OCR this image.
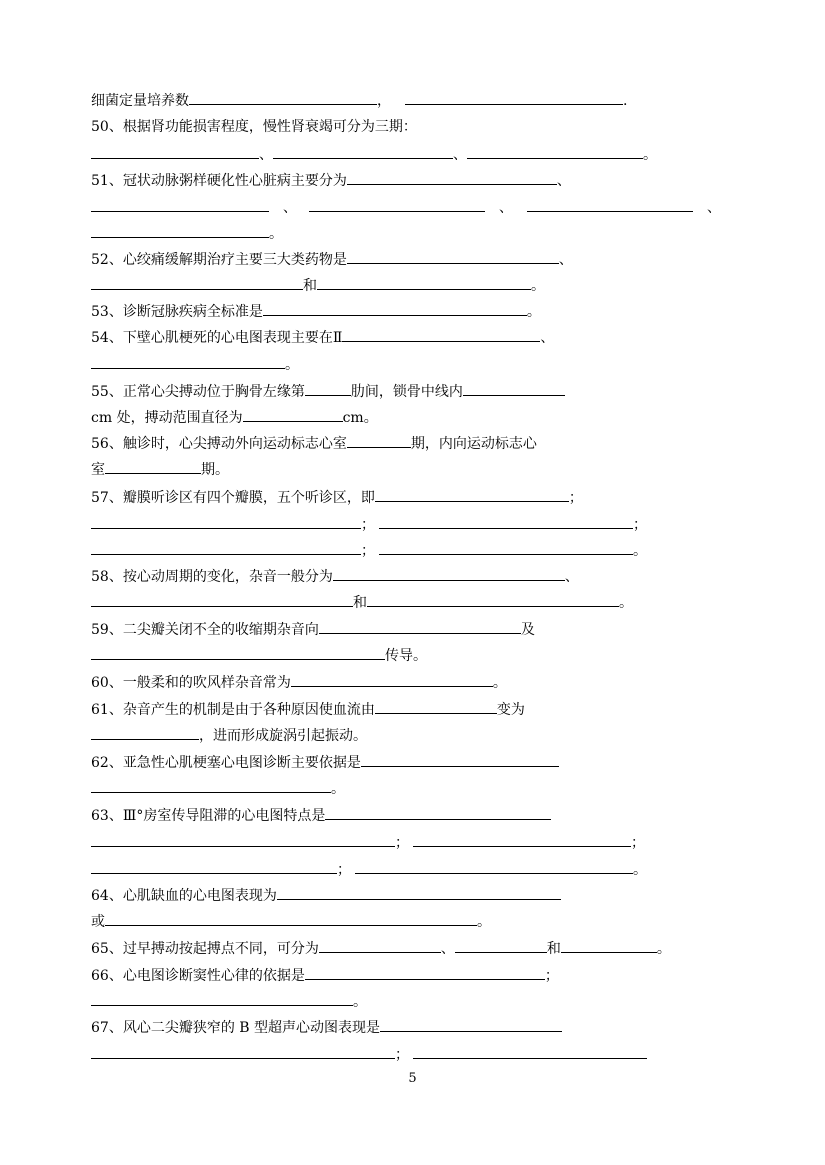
细菌定量培养数	，	.
50、根据肾功能损害程度，慢性肾衰竭可分为三期：
、	、	。
51、冠状动脉粥样硬化性心脏病主要分为	、
、	、	、
。
52、心绞痛缓解期治疗主要三大类药物是	、
和	。
53、诊断冠脉疾病全标准是	。
54、下壁心肌梗死的心电图表现主要在Ⅱ	、
。
55、正常心尖搏动位于胸骨左缘第	肋间，锁骨中线内
cm 处，搏动范围直径为	cm。
56、触诊时，心尖搏动外向运动标志心室	期，内向运动标志心
室	期。
57、瓣膜听诊区有四个瓣膜，五个听诊区，即	；
；	；
；	。
58、按心动周期的变化，杂音一般分为	、
和	。
59、二尖瓣关闭不全的收缩期杂音向	及
传导。
60、一般柔和的吹风样杂音常为	。
61、杂音产生的机制是由于各种原因使血流由	变为
，进而形成旋涡引起振动。
62、亚急性心肌梗塞心电图诊断主要依据是
。
63、Ⅲ°房室传导阻滞的心电图特点是
；	；
；	。
64、心肌缺血的心电图表现为
或	。
65、过早搏动按起搏点不同，可分为	、	和	。
66、心电图诊断窦性心律的依据是	；
。
67、风心二尖瓣狭窄的 B 型超声心动图表现是
；
5
